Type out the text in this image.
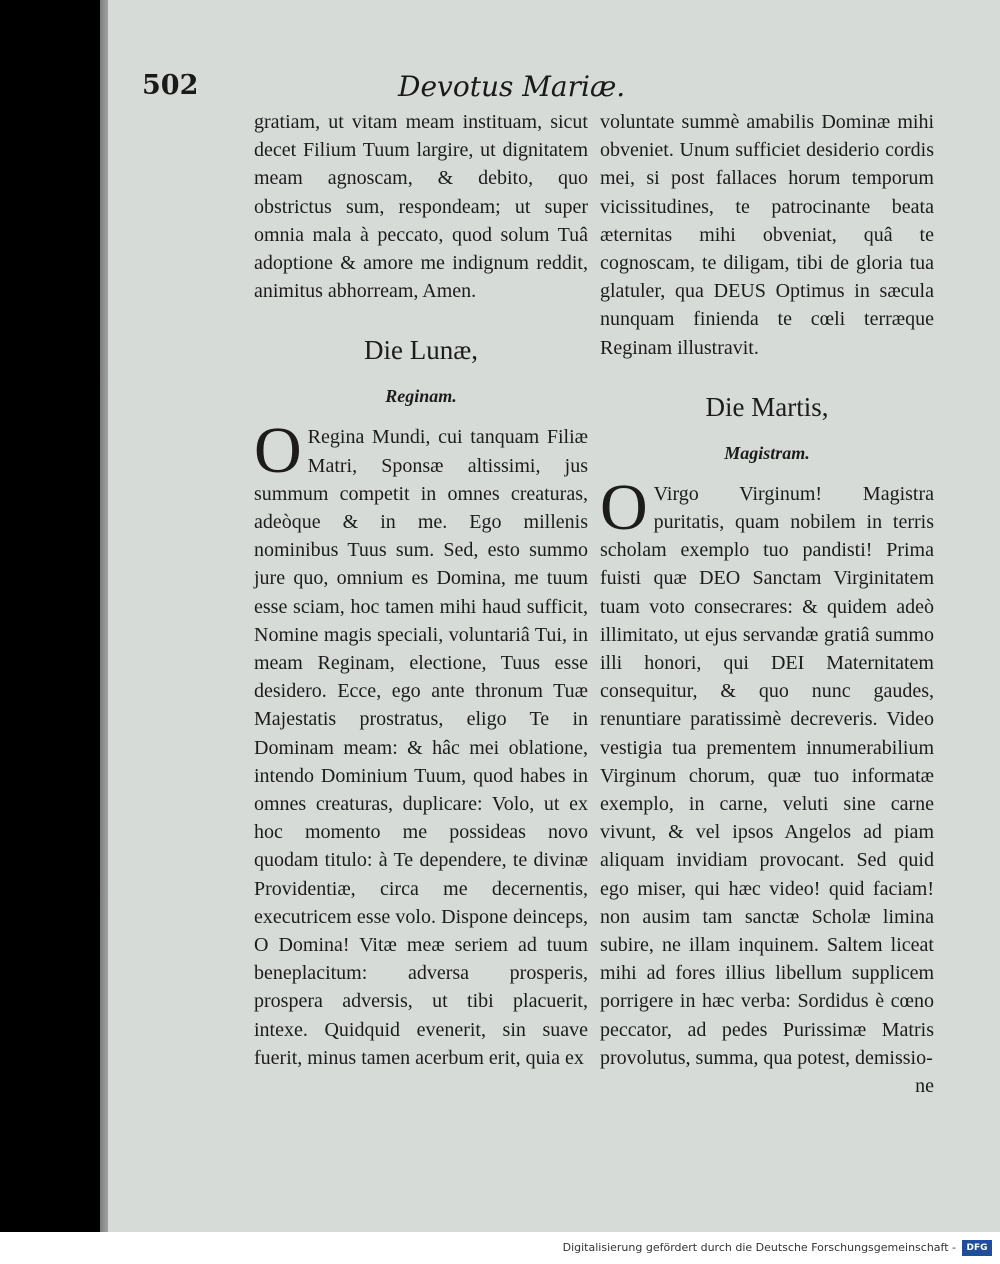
502	Devotus Mariæ.

gratiam, ut vitam meam instituam, sicut decet Filium Tuum largire, ut dignitatem meam agnoscam, & debito, quo obstrictus sum, respondeam; ut super omnia mala à peccato, quod solum Tuâ adoptione & amore me indignum reddit, animitus abhorream, Amen.

Die Lunæ,
Reginam.

O Regina Mundi, cui tanquam Filiæ Matri, Sponsæ altissimi, jus summum competit in omnes creaturas, adeòque & in me. Ego millenis nominibus Tuus sum. Sed, esto summo jure quo, omnium es Domina, me tuum esse sciam, hoc tamen mihi haud sufficit, Nomine magis speciali, voluntariâ Tui, in meam Reginam, electione, Tuus esse desidero. Ecce, ego ante thronum Tuæ Majestatis prostratus, eligo Te in Dominam meam: & hâc mei oblatione, intendo Dominium Tuum, quod habes in omnes creaturas, duplicare: Volo, ut ex hoc momento me possideas novo quodam titulo: à Te dependere, te divinæ Providentiæ, circa me decernentis, executricem esse volo. Dispone deinceps, O Domina! Vitæ meæ seriem ad tuum beneplacitum: adversa prosperis, prospera adversis, ut tibi placuerit, intexe. Quidquid evenerit, sin suave fuerit, minus tamen acerbum erit, quia ex

voluntate summè amabilis Dominæ mihi obveniet. Unum sufficiet desiderio cordis mei, si post fallaces horum temporum vicissitudines, te patrocinante beata æternitas mihi obveniat, quâ te cognoscam, te diligam, tibi de gloria tua glatuler, qua DEUS Optimus in sæcula nunquam finienda te cœli terræque Reginam illustravit.

Die Martis,
Magistram.

O Virgo Virginum! Magistra puritatis, quam nobilem in terris scholam exemplo tuo pandisti! Prima fuisti quæ DEO Sanctam Virginitatem tuam voto consecrares: & quidem adeò illimitato, ut ejus servandæ gratiâ summo illi honori, qui DEI Maternitatem consequitur, & quo nunc gaudes, renuntiare paratissimè decreveris. Video vestigia tua prementem innumerabilium Virginum chorum, quæ tuo informatæ exemplo, in carne, veluti sine carne vivunt, & vel ipsos Angelos ad piam aliquam invidiam provocant. Sed quid ego miser, qui hæc video! quid faciam! non ausim tam sanctæ Scholæ limina subire, ne illam inquinem. Saltem liceat mihi ad fores illius libellum supplicem porrigere in hæc verba: Sordidus è cœno peccator, ad pedes Purissimæ Matris provolutus, summa, qua potest, demissio-

ne

Digitalisierung gefördert durch die Deutsche Forschungsgemeinschaft -	DFG
